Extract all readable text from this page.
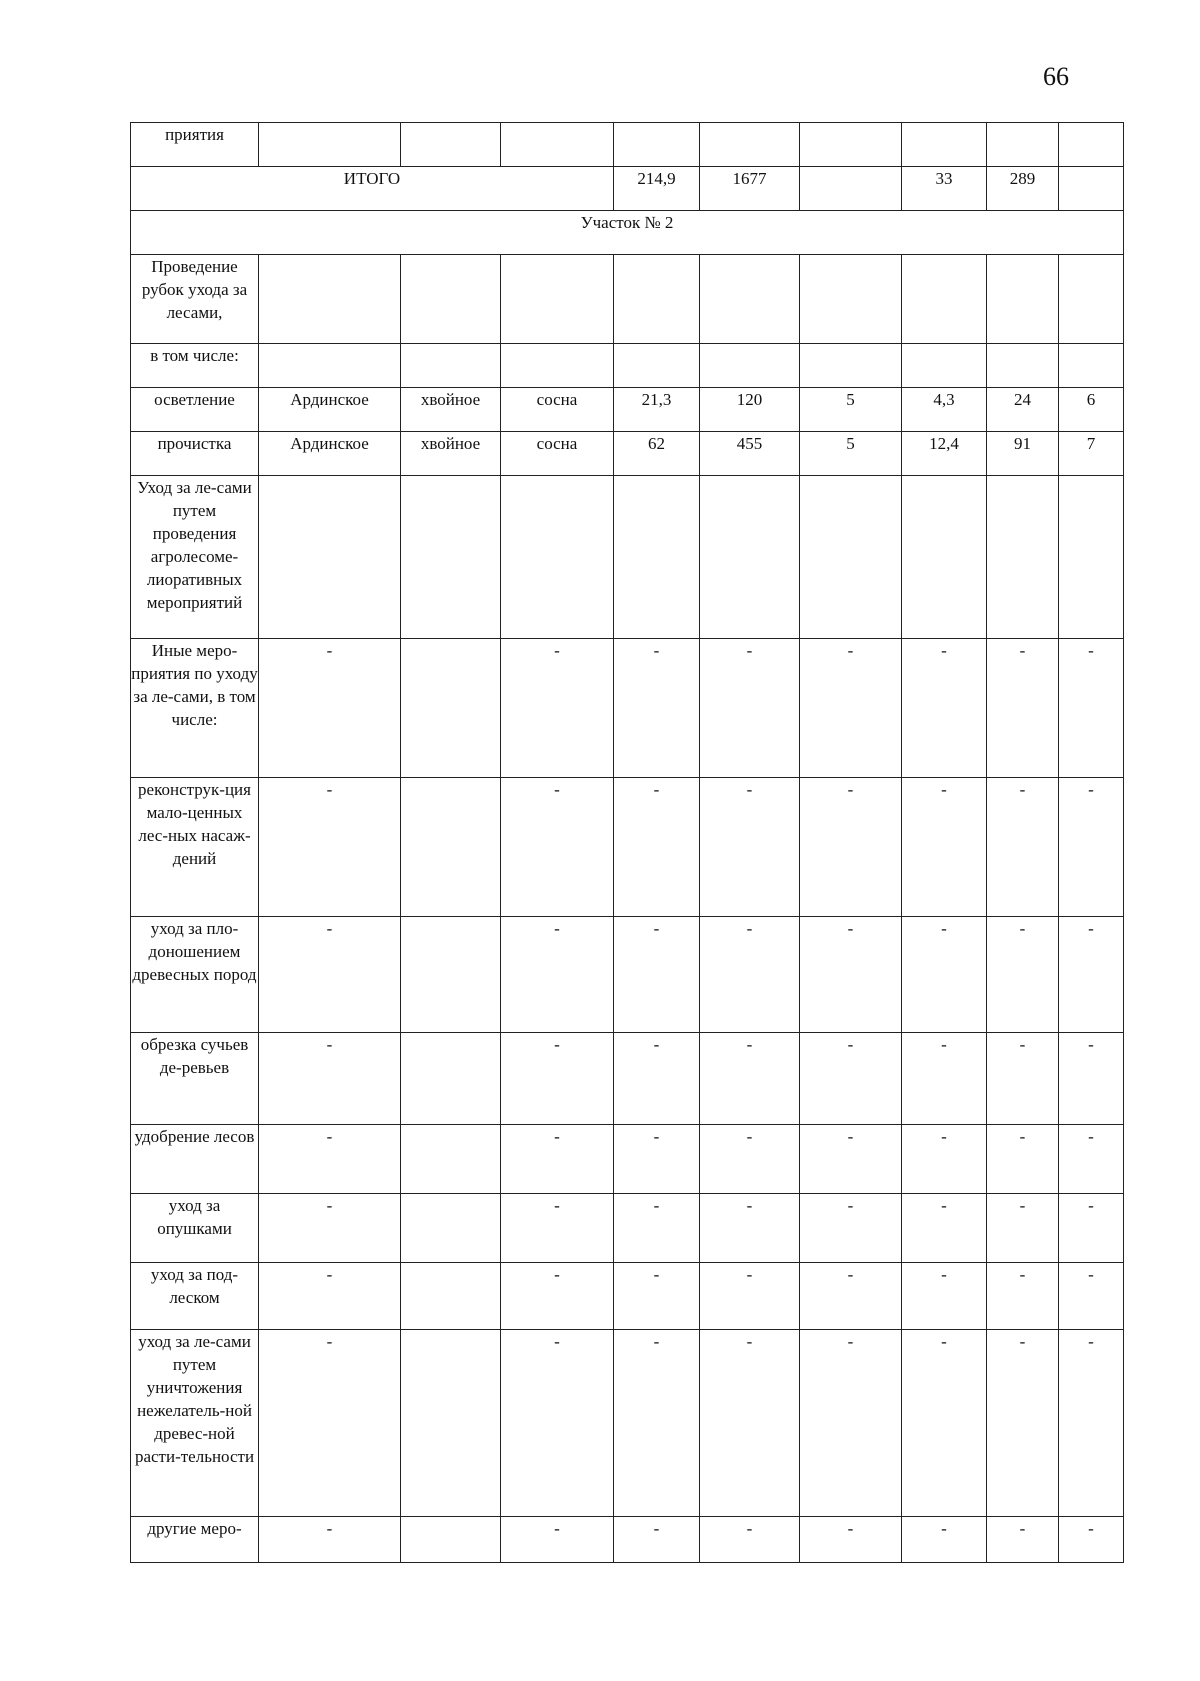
66
приятия									
ИТОГО				214,9	1677		33	289	
Участок № 2									
Проведение рубок ухода за лесами,									
в том числе:									
осветление	Ардинское	хвойное	сосна	21,3	120	5	4,3	24	6
прочистка	Ардинское	хвойное	сосна	62	455	5	12,4	91	7
Уход за ле-сами путем проведения агролесоме-лиоративных мероприятий									
Иные меро-приятия по уходу за ле-сами, в том числе:	-		-	-	-	-	-	-	-
реконструк-ция мало-ценных лес-ных насаж-дений	-		-	-	-	-	-	-	-
уход за пло-доношением древесных пород	-		-	-	-	-	-	-	-
обрезка сучьев де-ревьев	-		-	-	-	-	-	-	-
удобрение лесов	-		-	-	-	-	-	-	-
уход за опушками	-		-	-	-	-	-	-	-
уход за под-леском	-		-	-	-	-	-	-	-
уход за ле-сами путем уничтожения нежелатель-ной древес-ной расти-тельности	-		-	-	-	-	-	-	-
другие меро-	-		-	-	-	-	-	-	-
